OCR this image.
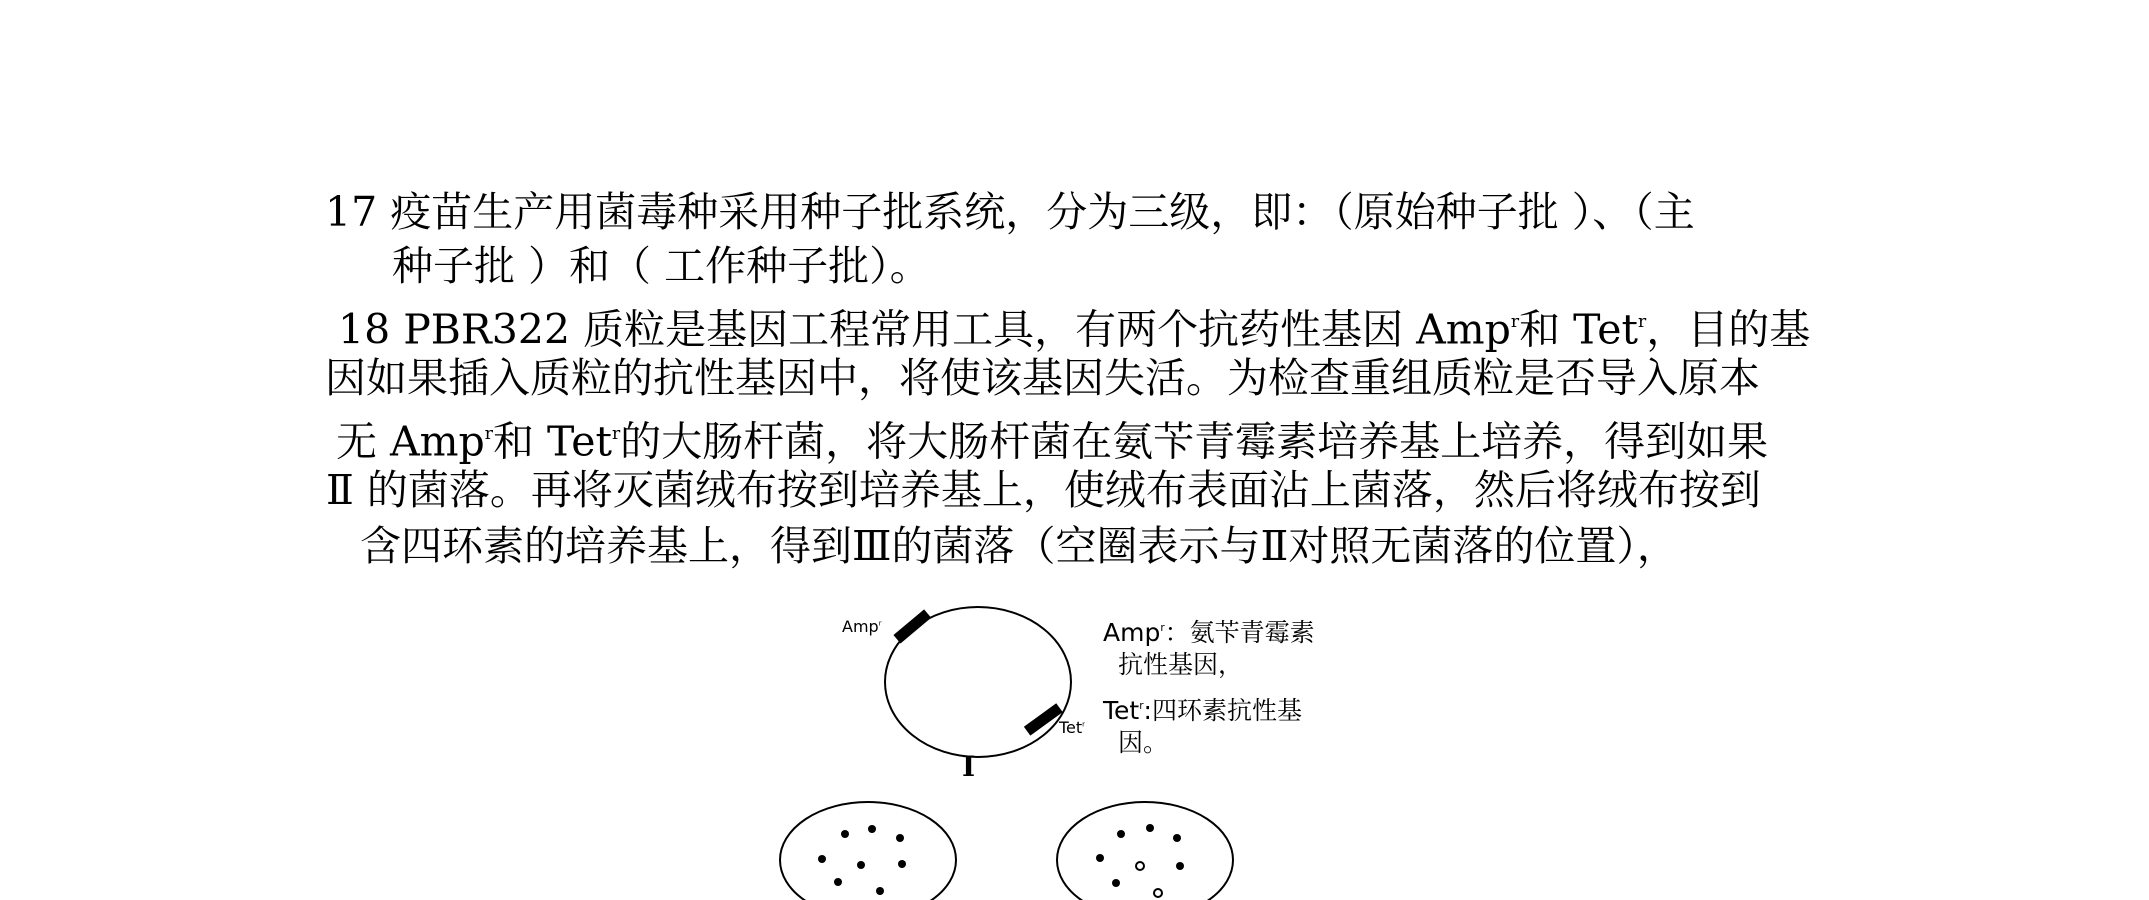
17 疫苗生产用菌毒种采用种子批系统，分为三级，即：（原始种子批 ）、（主
种子批 ）和（ 工作种子批）。
18 PBR322 质粒是基因工程常用工具，有两个抗药性基因 Amp$^r$和 Tet$^r$，目的基
因如果插入质粒的抗性基因中，将使该基因失活。为检查重组质粒是否导入原本
无 Amp$^r$和 Tet$^r$的大肠杆菌，将大肠杆菌在氨苄青霉素培养基上培养，得到如果
Ⅱ 的菌落。再将灭菌绒布按到培养基上，使绒布表面沾上菌落，然后将绒布按到
含四环素的培养基上，得到Ⅲ的菌落（空圈表示与Ⅱ对照无菌落的位置），
Amp$^r$
Tet$^r$
I
Amp$^r$：氨苄青霉素
抗性基因，
Tet$^r$:四环素抗性基
因。
